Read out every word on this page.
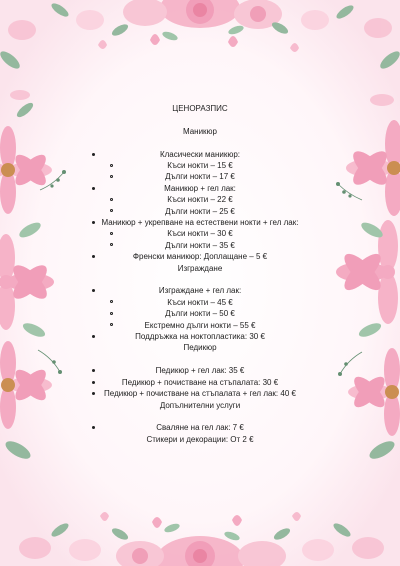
ЦЕНОРАЗПИС
Маникюр
Класически маникюр:
Къси нокти – 15 €
Дълги нокти – 17 €
Маникюр + гел лак:
Къси нокти – 22 €
Дълги нокти – 25 €
Маникюр + укрепване на естествени нокти + гел лак:
Къси нокти – 30 €
Дълги нокти – 35 €
Френски маникюр: Доплащане – 5 €
Изграждане
Изграждане + гел лак:
Къси нокти – 45 €
Дълги нокти – 50 €
Екстремно дълги нокти – 55 €
Поддръжка на ноктопластика: 30 €
Педикюр
Педикюр + гел лак: 35 €
Педикюр + почистване на стъпалата: 30 €
Педикюр + почистване на стъпалата + гел лак: 40 €
Допълнителни услуги
Сваляне на гел лак: 7 €
Стикери и декорации: От 2 €
